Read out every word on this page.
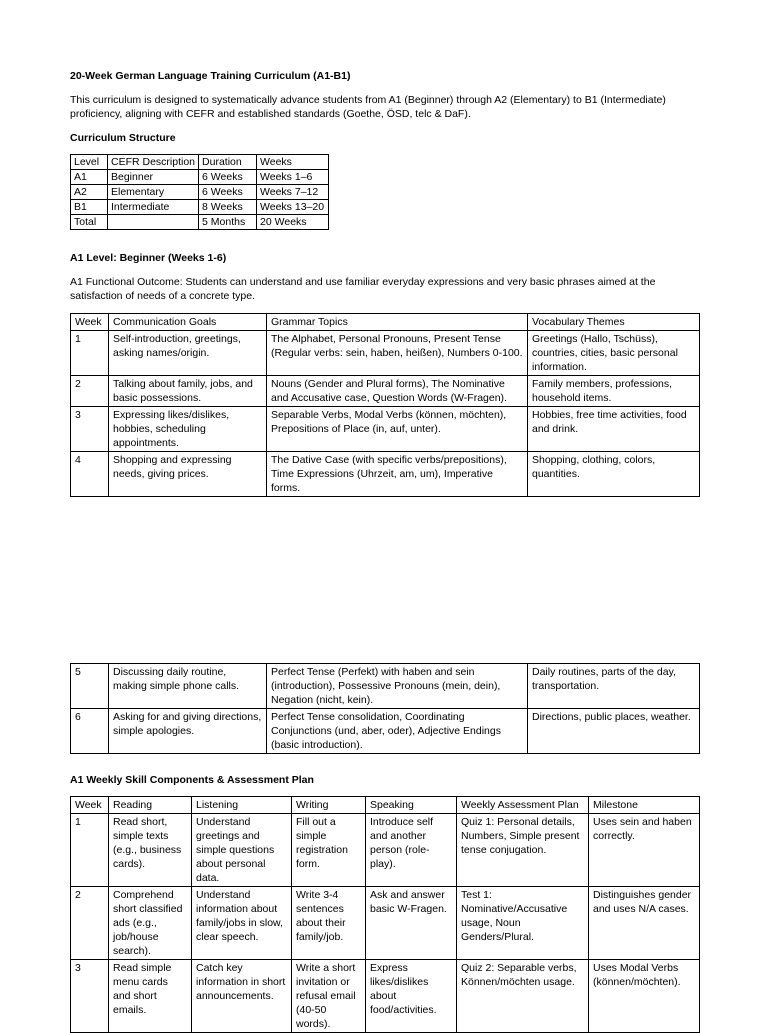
20-Week German Language Training Curriculum (A1-B1)
This curriculum is designed to systematically advance students from A1 (Beginner) through A2 (Elementary) to B1 (Intermediate) proficiency, aligning with CEFR and established standards (Goethe, ÖSD, telc & DaF).
Curriculum Structure
Level	CEFR Description	Duration	Weeks
A1	Beginner	6 Weeks	Weeks 1–6
A2	Elementary	6 Weeks	Weeks 7–12
B1	Intermediate	8 Weeks	Weeks 13–20
Total		5 Months	20 Weeks
A1 Level: Beginner (Weeks 1-6)
A1 Functional Outcome: Students can understand and use familiar everyday expressions and very basic phrases aimed at the satisfaction of needs of a concrete type.
Week	Communication Goals	Grammar Topics	Vocabulary Themes
1	Self-introduction, greetings, asking names/origin.	The Alphabet, Personal Pronouns, Present Tense (Regular verbs: sein, haben, heißen), Numbers 0-100.	Greetings (Hallo, Tschüss), countries, cities, basic personal information.
2	Talking about family, jobs, and basic possessions.	Nouns (Gender and Plural forms), The Nominative and Accusative case, Question Words (W-Fragen).	Family members, professions, household items.
3	Expressing likes/dislikes, hobbies, scheduling appointments.	Separable Verbs, Modal Verbs (können, möchten), Prepositions of Place (in, auf, unter).	Hobbies, free time activities, food and drink.
4	Shopping and expressing needs, giving prices.	The Dative Case (with specific verbs/prepositions), Time Expressions (Uhrzeit, am, um), Imperative forms.	Shopping, clothing, colors, quantities.
5	Discussing daily routine, making simple phone calls.	Perfect Tense (Perfekt) with haben and sein (introduction), Possessive Pronouns (mein, dein), Negation (nicht, kein).	Daily routines, parts of the day, transportation.
6	Asking for and giving directions, simple apologies.	Perfect Tense consolidation, Coordinating Conjunctions (und, aber, oder), Adjective Endings (basic introduction).	Directions, public places, weather.
A1 Weekly Skill Components & Assessment Plan
Week	Reading	Listening	Writing	Speaking	Weekly Assessment Plan	Milestone
1	Read short, simple texts (e.g., business cards).	Understand greetings and simple questions about personal data.	Fill out a simple registration form.	Introduce self and another person (role-play).	Quiz 1: Personal details, Numbers, Simple present tense conjugation.	Uses sein and haben correctly.
2	Comprehend short classified ads (e.g., job/house search).	Understand information about family/jobs in slow, clear speech.	Write 3-4 sentences about their family/job.	Ask and answer basic W-Fragen.	Test 1: Nominative/Accusative usage, Noun Genders/Plural.	Distinguishes gender and uses N/A cases.
3	Read simple menu cards and short emails.	Catch key information in short announcements.	Write a short invitation or refusal email (40-50 words).	Express likes/dislikes about food/activities.	Quiz 2: Separable verbs, Können/möchten usage.	Uses Modal Verbs (können/möchten).
